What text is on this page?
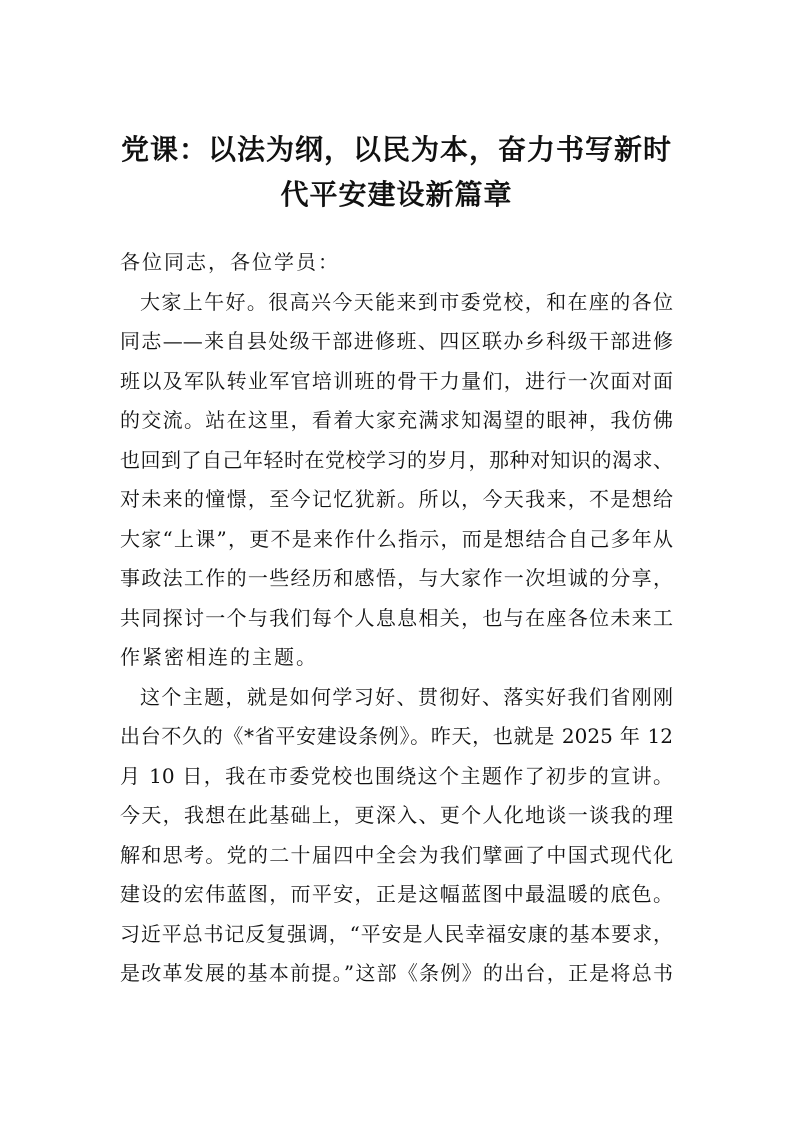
党课：以法为纲，以民为本，奋力书写新时
代平安建设新篇章
各位同志，各位学员：
大家上午好。很高兴今天能来到市委党校，和在座的各位
同志——来自县处级干部进修班、四区联办乡科级干部进修
班以及军队转业军官培训班的骨干力量们，进行一次面对面
的交流。站在这里，看着大家充满求知渴望的眼神，我仿佛
也回到了自己年轻时在党校学习的岁月，那种对知识的渴求、
对未来的憧憬，至今记忆犹新。所以，今天我来，不是想给
大家“上课”，更不是来作什么指示，而是想结合自己多年从
事政法工作的一些经历和感悟，与大家作一次坦诚的分享，
共同探讨一个与我们每个人息息相关，也与在座各位未来工
作紧密相连的主题。
这个主题，就是如何学习好、贯彻好、落实好我们省刚刚
出台不久的《*省平安建设条例》。昨天，也就是 2025 年 12
月 10 日，我在市委党校也围绕这个主题作了初步的宣讲。
今天，我想在此基础上，更深入、更个人化地谈一谈我的理
解和思考。党的二十届四中全会为我们擘画了中国式现代化
建设的宏伟蓝图，而平安，正是这幅蓝图中最温暖的底色。
习近平总书记反复强调，“平安是人民幸福安康的基本要求，
是改革发展的基本前提。”这部《条例》的出台，正是将总书
